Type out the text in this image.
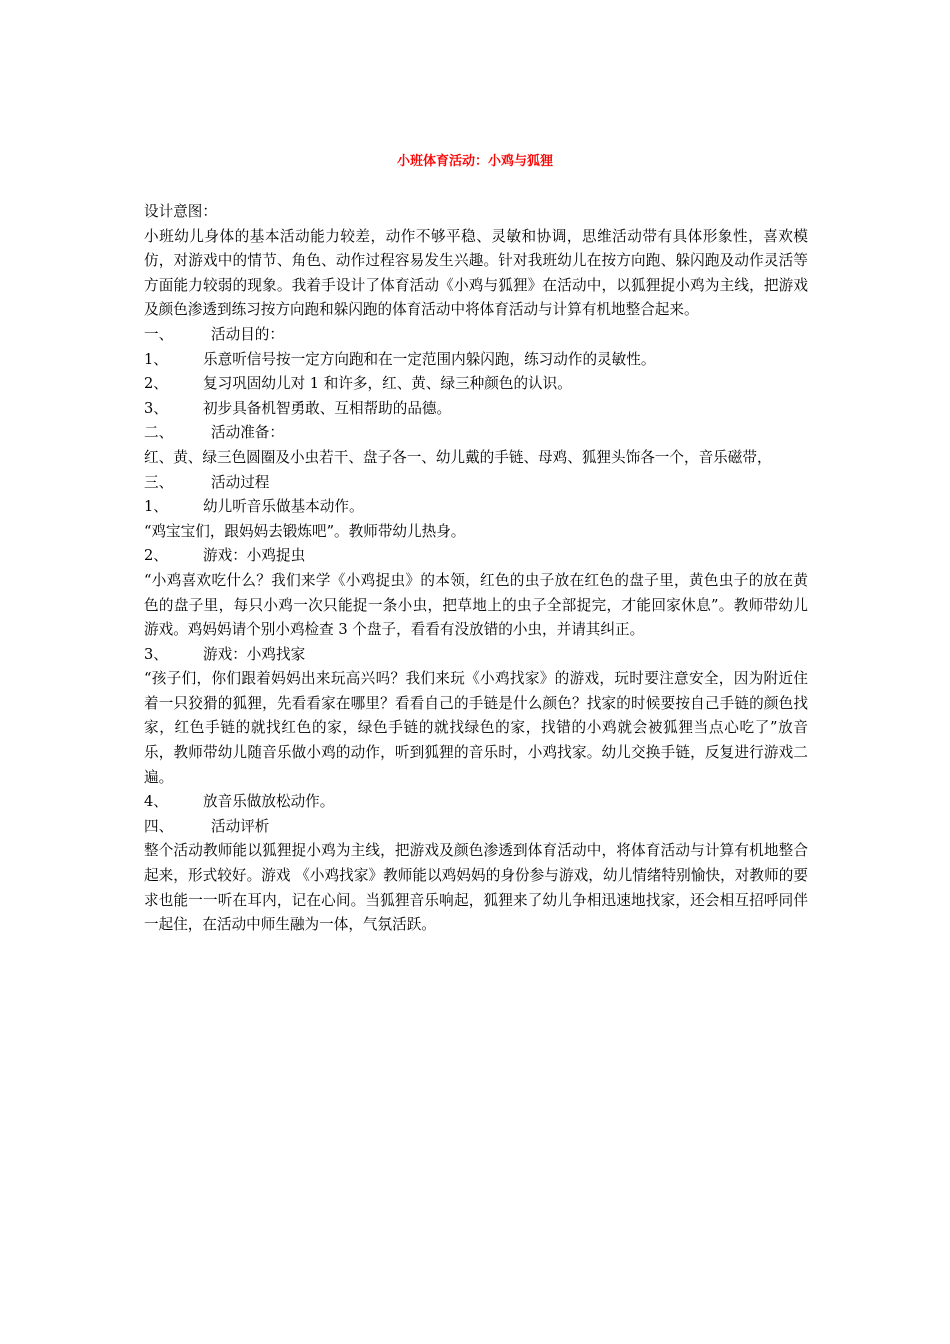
小班体育活动：小鸡与狐狸

设计意图：

小班幼儿身体的基本活动能力较差，动作不够平稳、灵敏和协调，思维活动带有具体形象性，喜欢模仿，对游戏中的情节、角色、动作过程容易发生兴趣。针对我班幼儿在按方向跑、躲闪跑及动作灵活等方面能力较弱的现象。我着手设计了体育活动《小鸡与狐狸》在活动中，以狐狸捉小鸡为主线，把游戏及颜色渗透到练习按方向跑和躲闪跑的体育活动中将体育活动与计算有机地整合起来。

一、	活动目的：

1、 乐意听信号按一定方向跑和在一定范围内躲闪跑，练习动作的灵敏性。

2、 复习巩固幼儿对 1 和许多，红、黄、绿三种颜色的认识。

3、 初步具备机智勇敢、互相帮助的品德。

二、	活动准备：

红、黄、绿三色圆圈及小虫若干、盘子各一、幼儿戴的手链、母鸡、狐狸头饰各一个，音乐磁带，

三、	活动过程

1、 幼儿听音乐做基本动作。

“鸡宝宝们，跟妈妈去锻炼吧”。教师带幼儿热身。

2、 游戏：小鸡捉虫

“小鸡喜欢吃什么？我们来学《小鸡捉虫》的本领，红色的虫子放在红色的盘子里，黄色虫子的放在黄色的盘子里，每只小鸡一次只能捉一条小虫，把草地上的虫子全部捉完，才能回家休息”。教师带幼儿游戏。鸡妈妈请个别小鸡检查 3 个盘子，看看有没放错的小虫，并请其纠正。

3、 游戏：小鸡找家

“孩子们，你们跟着妈妈出来玩高兴吗？我们来玩《小鸡找家》的游戏，玩时要注意安全，因为附近住着一只狡猾的狐狸，先看看家在哪里？看看自己的手链是什么颜色？找家的时候要按自己手链的颜色找家，红色手链的就找红色的家，绿色手链的就找绿色的家，找错的小鸡就会被狐狸当点心吃了”放音乐，教师带幼儿随音乐做小鸡的动作，听到狐狸的音乐时，小鸡找家。幼儿交换手链，反复进行游戏二遍。

4、 放音乐做放松动作。

四、	活动评析

整个活动教师能以狐狸捉小鸡为主线，把游戏及颜色渗透到体育活动中，将体育活动与计算有机地整合起来，形式较好。游戏 《小鸡找家》教师能以鸡妈妈的身份参与游戏，幼儿情绪特别愉快，对教师的要求也能一一听在耳内，记在心间。当狐狸音乐响起，狐狸来了幼儿争相迅速地找家，还会相互招呼同伴一起住，在活动中师生融为一体，气氛活跃。
